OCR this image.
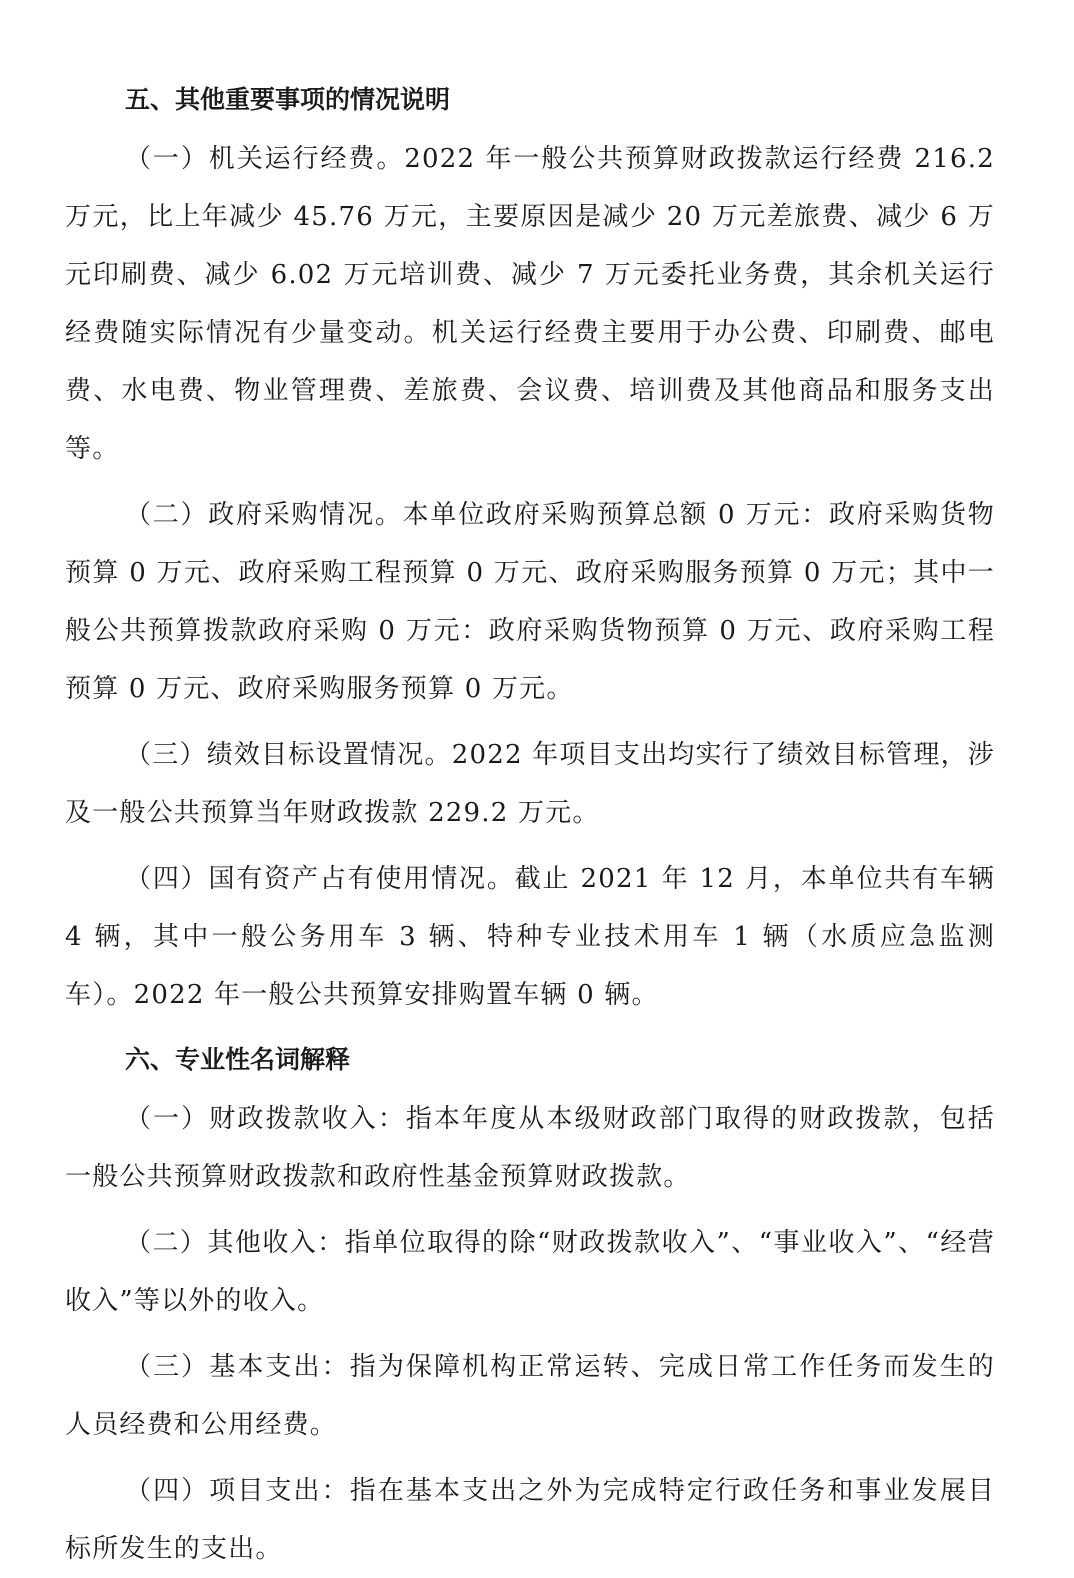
五、其他重要事项的情况说明

（一）机关运行经费。2022 年一般公共预算财政拨款运行经费 216.2 万元，比上年减少 45.76 万元，主要原因是减少 20 万元差旅费、减少 6 万元印刷费、减少 6.02 万元培训费、减少 7 万元委托业务费，其余机关运行经费随实际情况有少量变动。机关运行经费主要用于办公费、印刷费、邮电费、水电费、物业管理费、差旅费、会议费、培训费及其他商品和服务支出等。

（二）政府采购情况。本单位政府采购预算总额 0 万元：政府采购货物预算 0 万元、政府采购工程预算 0 万元、政府采购服务预算 0 万元；其中一般公共预算拨款政府采购 0 万元：政府采购货物预算 0 万元、政府采购工程预算 0 万元、政府采购服务预算 0 万元。

（三）绩效目标设置情况。2022 年项目支出均实行了绩效目标管理，涉及一般公共预算当年财政拨款 229.2 万元。

（四）国有资产占有使用情况。截止 2021 年 12 月，本单位共有车辆 4 辆，其中一般公务用车 3 辆、特种专业技术用车 1 辆（水质应急监测车）。2022 年一般公共预算安排购置车辆 0 辆。

六、专业性名词解释

（一）财政拨款收入：指本年度从本级财政部门取得的财政拨款，包括一般公共预算财政拨款和政府性基金预算财政拨款。

（二）其他收入：指单位取得的除“财政拨款收入”、“事业收入”、“经营收入”等以外的收入。

（三）基本支出：指为保障机构正常运转、完成日常工作任务而发生的人员经费和公用经费。

（四）项目支出：指在基本支出之外为完成特定行政任务和事业发展目标所发生的支出。
